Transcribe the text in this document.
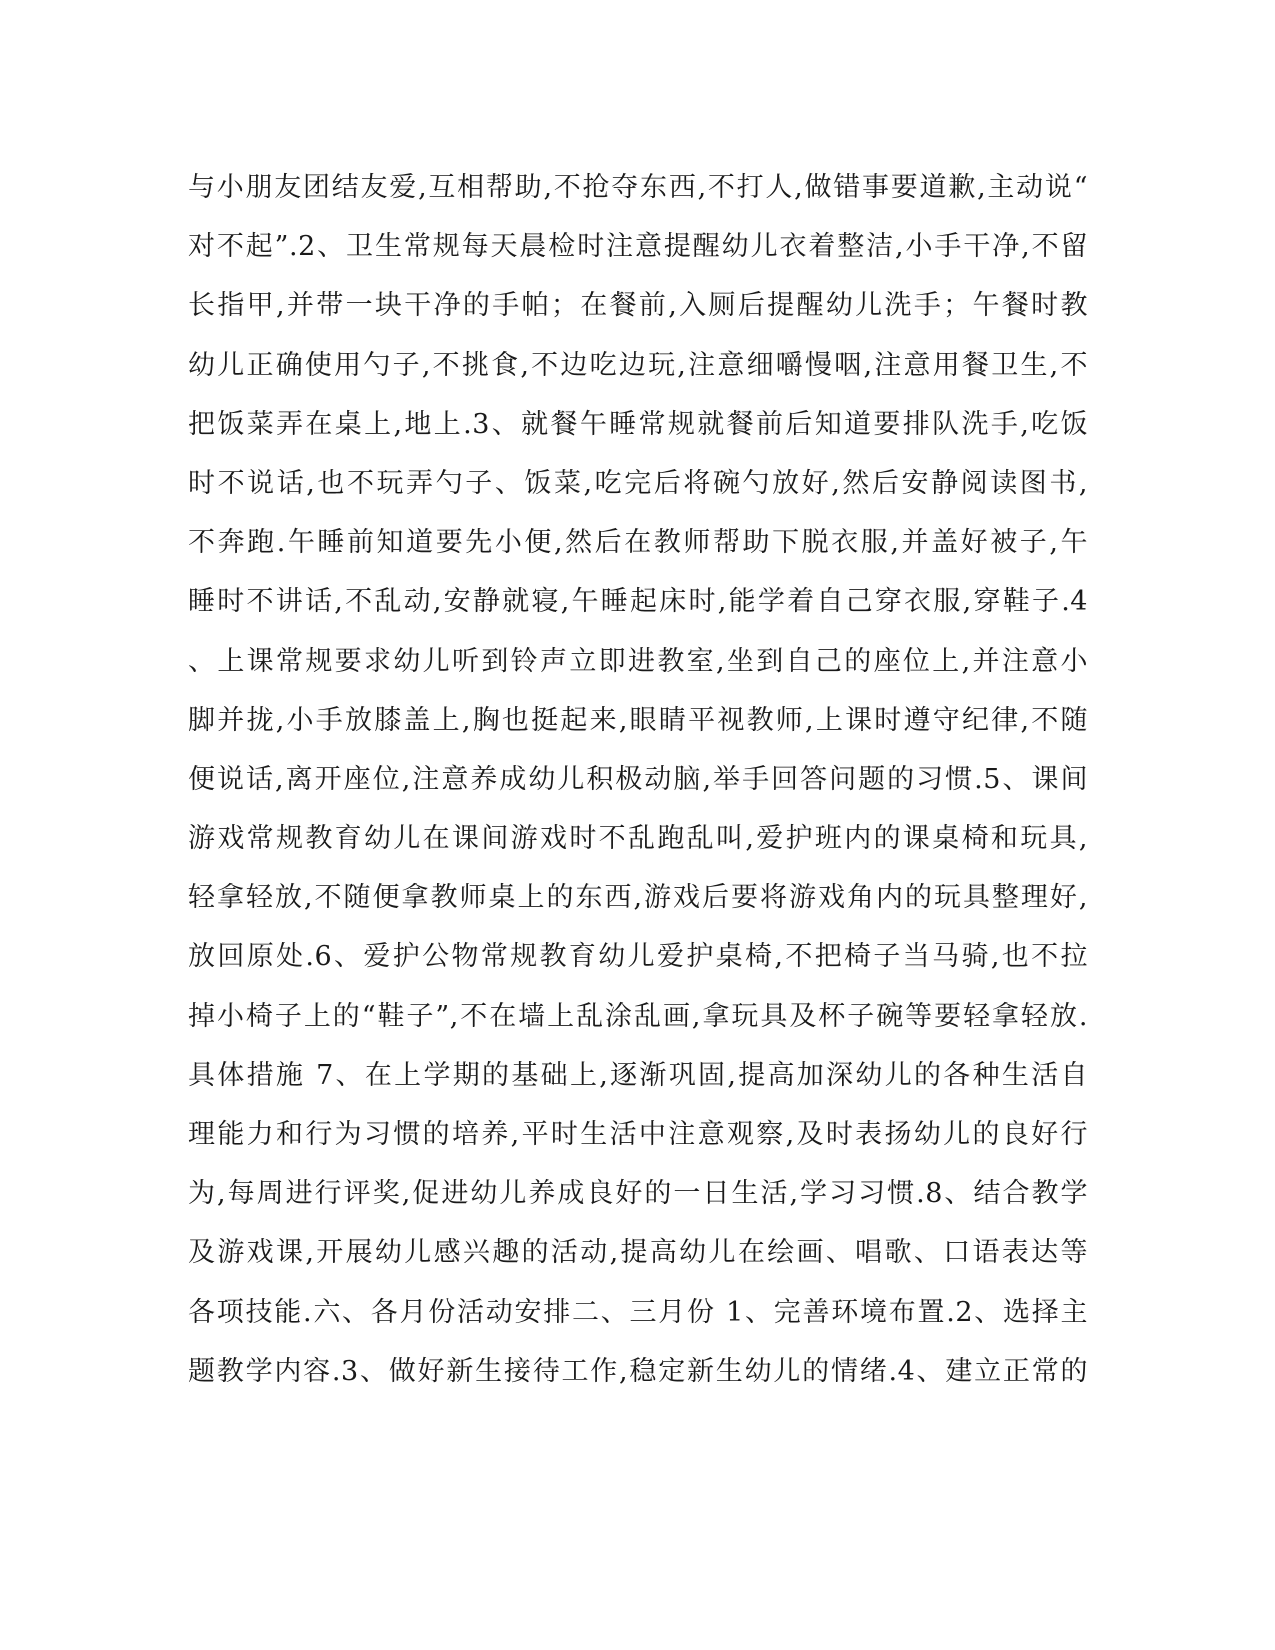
与小朋友团结友爱,互相帮助,不抢夺东西,不打人,做错事要道歉,主动说“
对不起”.2、卫生常规每天晨检时注意提醒幼儿衣着整洁,小手干净,不留
长指甲,并带一块干净的手帕；在餐前,入厕后提醒幼儿洗手；午餐时教
幼儿正确使用勺子,不挑食,不边吃边玩,注意细嚼慢咽,注意用餐卫生,不
把饭菜弄在桌上,地上.3、就餐午睡常规就餐前后知道要排队洗手,吃饭
时不说话,也不玩弄勺子、饭菜,吃完后将碗勺放好,然后安静阅读图书,
不奔跑.午睡前知道要先小便,然后在教师帮助下脱衣服,并盖好被子,午
睡时不讲话,不乱动,安静就寝,午睡起床时,能学着自己穿衣服,穿鞋子.4
、上课常规要求幼儿听到铃声立即进教室,坐到自己的座位上,并注意小
脚并拢,小手放膝盖上,胸也挺起来,眼睛平视教师,上课时遵守纪律,不随
便说话,离开座位,注意养成幼儿积极动脑,举手回答问题的习惯.5、课间
游戏常规教育幼儿在课间游戏时不乱跑乱叫,爱护班内的课桌椅和玩具,
轻拿轻放,不随便拿教师桌上的东西,游戏后要将游戏角内的玩具整理好,
放回原处.6、爱护公物常规教育幼儿爱护桌椅,不把椅子当马骑,也不拉
掉小椅子上的“鞋子”,不在墙上乱涂乱画,拿玩具及杯子碗等要轻拿轻放.
具体措施 7、在上学期的基础上,逐渐巩固,提高加深幼儿的各种生活自
理能力和行为习惯的培养,平时生活中注意观察,及时表扬幼儿的良好行
为,每周进行评奖,促进幼儿养成良好的一日生活,学习习惯.8、结合教学
及游戏课,开展幼儿感兴趣的活动,提高幼儿在绘画、唱歌、口语表达等
各项技能.六、各月份活动安排二、三月份 1、完善环境布置.2、选择主
题教学内容.3、做好新生接待工作,稳定新生幼儿的情绪.4、建立正常的
